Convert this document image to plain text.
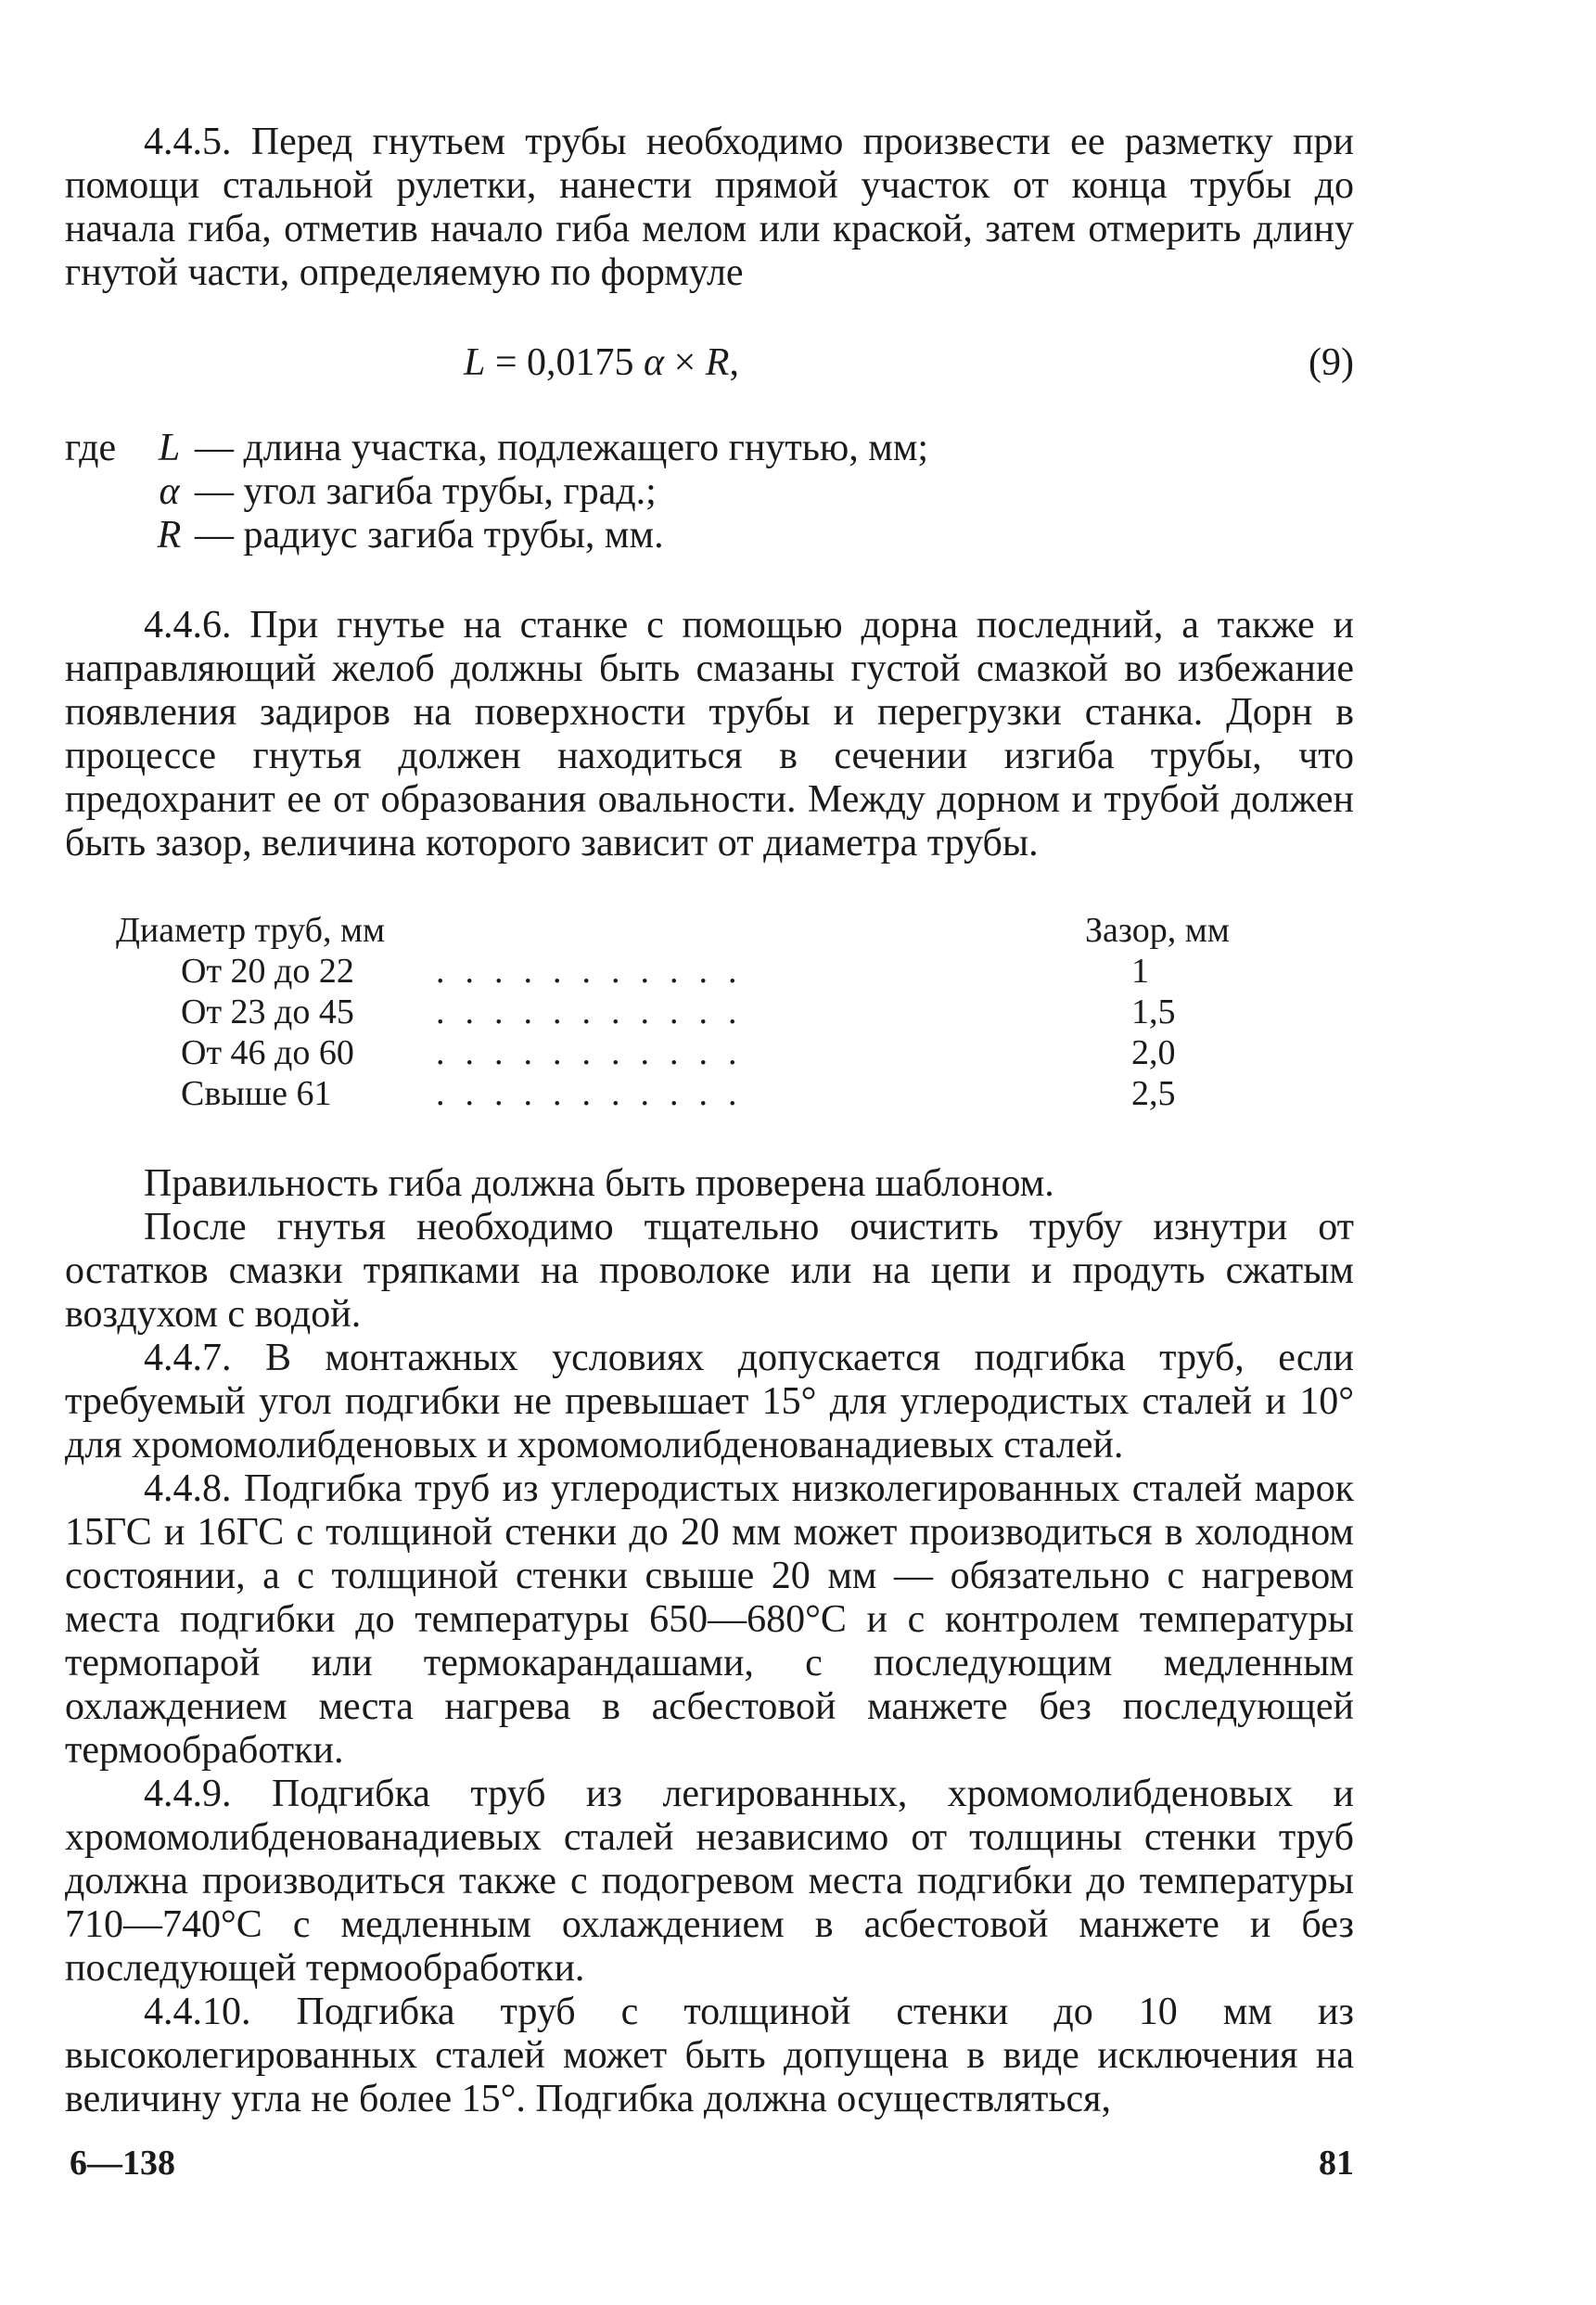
4.4.5. Перед гнутьем трубы необходимо произвести ее разметку при помощи стальной рулетки, нанести прямой участок от конца трубы до начала гиба, отметив начало гиба мелом или краской, затем отмерить длину гнутой части, определяемую по формуле

L = 0,0175 α × R,	(9)
где	L — длина участка, подлежащего гнутью, мм;
α — угол загиба трубы, град.;
R — радиус загиба трубы, мм.

4.4.6. При гнутье на станке с помощью дорна последний, а также и направляющий желоб должны быть смазаны густой смазкой во избежание появления задиров на поверхности трубы и перегрузки станка. Дорн в процессе гнутья должен находиться в сечении изгиба трубы, что предохранит ее от образования овальности. Между дорном и трубой должен быть зазор, величина которого зависит от диаметра трубы.

Диаметр труб, мм	Зазор, мм
От 20 до 22 ...........	1
От 23 до 45 ...........	1,5
От 46 до 60 ...........	2,0
Свыше 61	...........	2,5

Правильность гиба должна быть проверена шаблоном.

После гнутья необходимо тщательно очистить трубу изнутри от остатков смазки тряпками на проволоке или на цепи и продуть сжатым воздухом с водой.

4.4.7. В монтажных условиях допускается подгибка труб, если требуемый угол подгибки не превышает 15° для углеродистых сталей и 10° для хромомолибденовых и хромомолибденованадиевых сталей.

4.4.8. Подгибка труб из углеродистых низколегированных сталей марок 15ГС и 16ГС с толщиной стенки до 20 мм может производиться в холодном состоянии, а с толщиной стенки свыше 20 мм — обязательно с нагревом места подгибки до температуры 650—680°С и с контролем температуры термопарой или термокарандашами, с последующим медленным охлаждением места нагрева в асбестовой манжете без последующей термообработки.

4.4.9. Подгибка труб из легированных, хромомолибденовых и хромомолибденованадиевых сталей независимо от толщины стенки труб должна производиться также с подогревом места подгибки до температуры 710—740°С с медленным охлаждением в асбестовой манжете и без последующей термообработки.

4.4.10. Подгибка труб с толщиной стенки до 10 мм из высоколегированных сталей может быть допущена в виде исключения на величину угла не более 15°. Подгибка должна осуществляться,

6—138	81
